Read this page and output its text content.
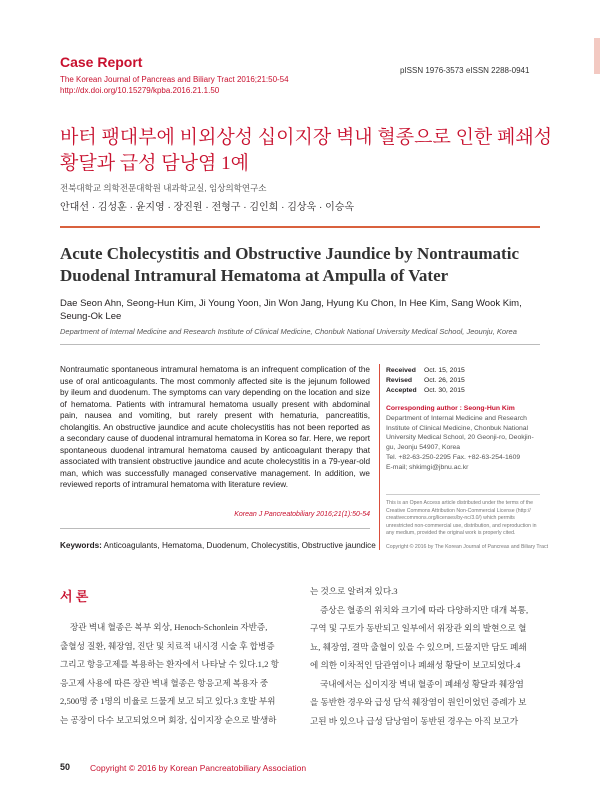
Case Report
The Korean Journal of Pancreas and Biliary Tract 2016;21:50-54
http://dx.doi.org/10.15279/kpba.2016.21.1.50
pISSN 1976-3573 eISSN 2288-0941
바터 팽대부에 비외상성 십이지장 벽내 혈종으로 인한 폐쇄성
황달과 급성 담낭염 1예
전북대학교 의학전문대학원 내과학교실, 임상의학연구소
안대선 · 김성훈 · 윤지영 · 장진원 · 전형구 · 김인희 · 김상욱 · 이승옥
Acute Cholecystitis and Obstructive Jaundice by Nontraumatic
Duodenal Intramural Hematoma at Ampulla of Vater
Dae Seon Ahn, Seong-Hun Kim, Ji Young Yoon, Jin Won Jang, Hyung Ku Chon, In Hee Kim, Sang Wook Kim,
Seung-Ok Lee
Department of Internal Medicine and Research Institute of Clinical Medicine, Chonbuk National University Medical School, Jeounju, Korea

Nontraumatic spontaneous intramural hematoma is an infrequent complication of the use of oral anticoagulants. The most commonly affected site is the jejunum followed by ileum and duodenum. The symptoms can vary depending on the location and size of hematoma. Patients with intramural hematoma usually present with abdominal pain, nausea and vomiting, but rarely present with hematuria, pancreatitis, cholangitis. An obstructive jaundice and acute cholecystitis has not been reported as a secondary cause of duodenal intramural hematoma in Korea so far. Here, we report spontaneous duodenal intramural hematoma caused by anticoagulant therapy that associated with transient obstructive jaundice and acute cholecystitis in a 79-year-old man, which was successfully managed conservative management. In addition, we reviewed reports of intramural hematoma with literature review.

Korean J Pancreatobiliary 2016;21(1):50-54
Keywords: Anticoagulants, Hematoma, Duodenum, Cholecystitis, Obstructive jaundice
Received Oct. 15, 2015
Revised Oct. 26, 2015
Accepted Oct. 30, 2015
Corresponding author : Seong-Hun Kim
Department of Internal Medicine and Research
Institute of Clinical Medicine, Chonbuk National
University Medical School, 20 Geonji-ro, Deokjin-
gu, Jeonju 54907, Korea
Tel. +82-63-250-2295 Fax. +82-63-254-1609
E-mail; shkimgi@jbnu.ac.kr
This is an Open Access article distributed under the terms of the
Creative Commons Attribution Non-Commercial License (http://
creativecommons.org/licenses/by-nc/3.0/) which permits
unrestricted non-commercial use, distribution, and reproduction in
any medium, provided the original work is properly cited.
Copyright © 2016 by The Korean Journal of Pancreas and Biliary Tract
서 론
장관 벽내 혈종은 복부 외상, Henoch-Schonlein 자반증,
출혈성 질환, 췌장염, 진단 및 치료적 내시경 시술 후 합병증
그리고 항응고제를 복용하는 환자에서 나타날 수 있다.1,2 항
응고제 사용에 따른 장관 벽내 혈종은 항응고제 복용자 중
2,500명 중 1명의 비율로 드물게 보고 되고 있다.3 호발 부위
는 공장이 다수 보고되었으며 회장, 십이지장 순으로 발생하
는 것으로 알려져 있다.3
증상은 혈종의 위치와 크기에 따라 다양하지만 대개 복통,
구역 및 구토가 동반되고 일부에서 위장관 외의 발현으로 혈
뇨, 췌장염, 결막 출혈이 있을 수 있으며, 드물지만 담도 폐쇄
에 의한 이차적인 담관염이나 폐쇄성 황달이 보고되었다.4
국내에서는 십이지장 벽내 혈종이 폐쇄성 황달과 췌장염
을 동반한 경우와 급성 담석 췌장염이 원인이었던 증례가 보
고된 바 있으나 급성 담낭염이 동반된 경우는 아직 보고가
50 Copyright © 2016 by Korean Pancreatobiliary Association
